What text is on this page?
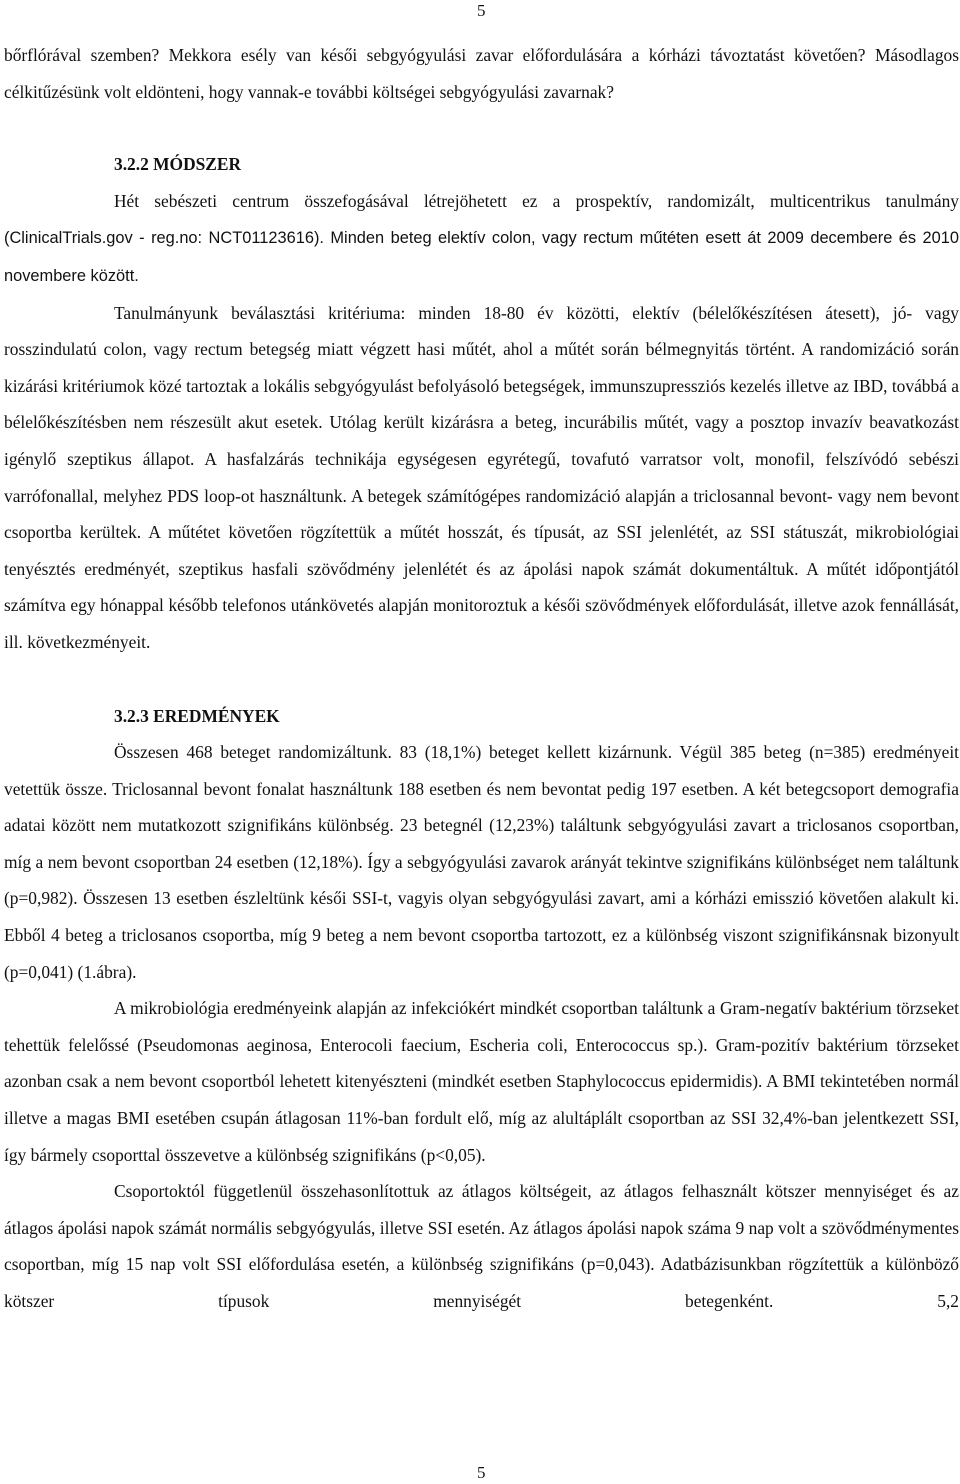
5

bőrflórával szemben? Mekkora esély van késői sebgyógyulási zavar előfordulására a kórházi távoztatást követően? Másodlagos célkitűzésünk volt eldönteni, hogy vannak-e további költségei sebgyógyulási zavarnak?

3.2.2 MÓDSZER

Hét sebészeti centrum összefogásával létrejöhetett ez a prospektív, randomizált, multicentrikus tanulmány (ClinicalTrials.gov - reg.no: NCT01123616). Minden beteg elektív colon, vagy rectum műtéten esett át 2009 decembere és 2010 novembere között.

Tanulmányunk beválasztási kritériuma: minden 18-80 év közötti, elektív (bélelőkészítésen átesett), jó- vagy rosszindulatú colon, vagy rectum betegség miatt végzett hasi műtét, ahol a műtét során bélmegnyitás történt. A randomizáció során kizárási kritériumok közé tartoztak a lokális sebgyógyulást befolyásoló betegségek, immunszupressziós kezelés illetve az IBD, továbbá a bélelőkészítésben nem részesült akut esetek. Utólag került kizárásra a beteg, incurábilis műtét, vagy a posztop invazív beavatkozást igénylő szeptikus állapot. A hasfalzárás technikája egységesen egyrétegű, tovafutó varratsor volt, monofil, felszívódó sebészi varrófonallal, melyhez PDS loop-ot használtunk. A betegek számítógépes randomizáció alapján a triclosannal bevont- vagy nem bevont csoportba kerültek. A műtétet követően rögzítettük a műtét hosszát, és típusát, az SSI jelenlétét, az SSI státuszát, mikrobiológiai tenyésztés eredményét, szeptikus hasfali szövődmény jelenlétét és az ápolási napok számát dokumentáltuk. A műtét időpontjától számítva egy hónappal később telefonos utánkövetés alapján monitoroztuk a késői szövődmények előfordulását, illetve azok fennállását, ill. következményeit.

3.2.3 EREDMÉNYEK

Összesen 468 beteget randomizáltunk. 83 (18,1%) beteget kellett kizárnunk. Végül 385 beteg (n=385) eredményeit vetettük össze. Triclosannal bevont fonalat használtunk 188 esetben és nem bevontat pedig 197 esetben. A két betegcsoport demografia adatai között nem mutatkozott szignifikáns különbség. 23 betegnél (12,23%) találtunk sebgyógyulási zavart a triclosanos csoportban, míg a nem bevont csoportban 24 esetben (12,18%). Így a sebgyógyulási zavarok arányát tekintve szignifikáns különbséget nem találtunk (p=0,982). Összesen 13 esetben észleltünk késői SSI-t, vagyis olyan sebgyógyulási zavart, ami a kórházi emisszió követően alakult ki. Ebből 4 beteg a triclosanos csoportba, míg 9 beteg a nem bevont csoportba tartozott, ez a különbség viszont szignifikánsnak bizonyult (p=0,041) (1.ábra).

A mikrobiológia eredményeink alapján az infekciókért mindkét csoportban találtunk a Gram-negatív baktérium törzseket tehettük felelőssé (Pseudomonas aeginosa, Enterocoli faecium, Escheria coli, Enterococcus sp.). Gram-pozitív baktérium törzseket azonban csak a nem bevont csoportból lehetett kitenyészteni (mindkét esetben Staphylococcus epidermidis). A BMI tekintetében normál illetve a magas BMI esetében csupán átlagosan 11%-ban fordult elő, míg az alultáplált csoportban az SSI 32,4%-ban jelentkezett SSI, így bármely csoporttal összevetve a különbség szignifikáns (p<0,05).

Csoportoktól függetlenül összehasonlítottuk az átlagos költségeit, az átlagos felhasznált kötszer mennyiséget és az átlagos ápolási napok számát normális sebgyógyulás, illetve SSI esetén. Az átlagos ápolási napok száma 9 nap volt a szövődménymentes csoportban, míg 15 nap volt SSI előfordulása esetén, a különbség szignifikáns (p=0,043). Adatbázisunkban rögzítettük a különböző kötszer típusok mennyiségét betegenként. 5,2

5
